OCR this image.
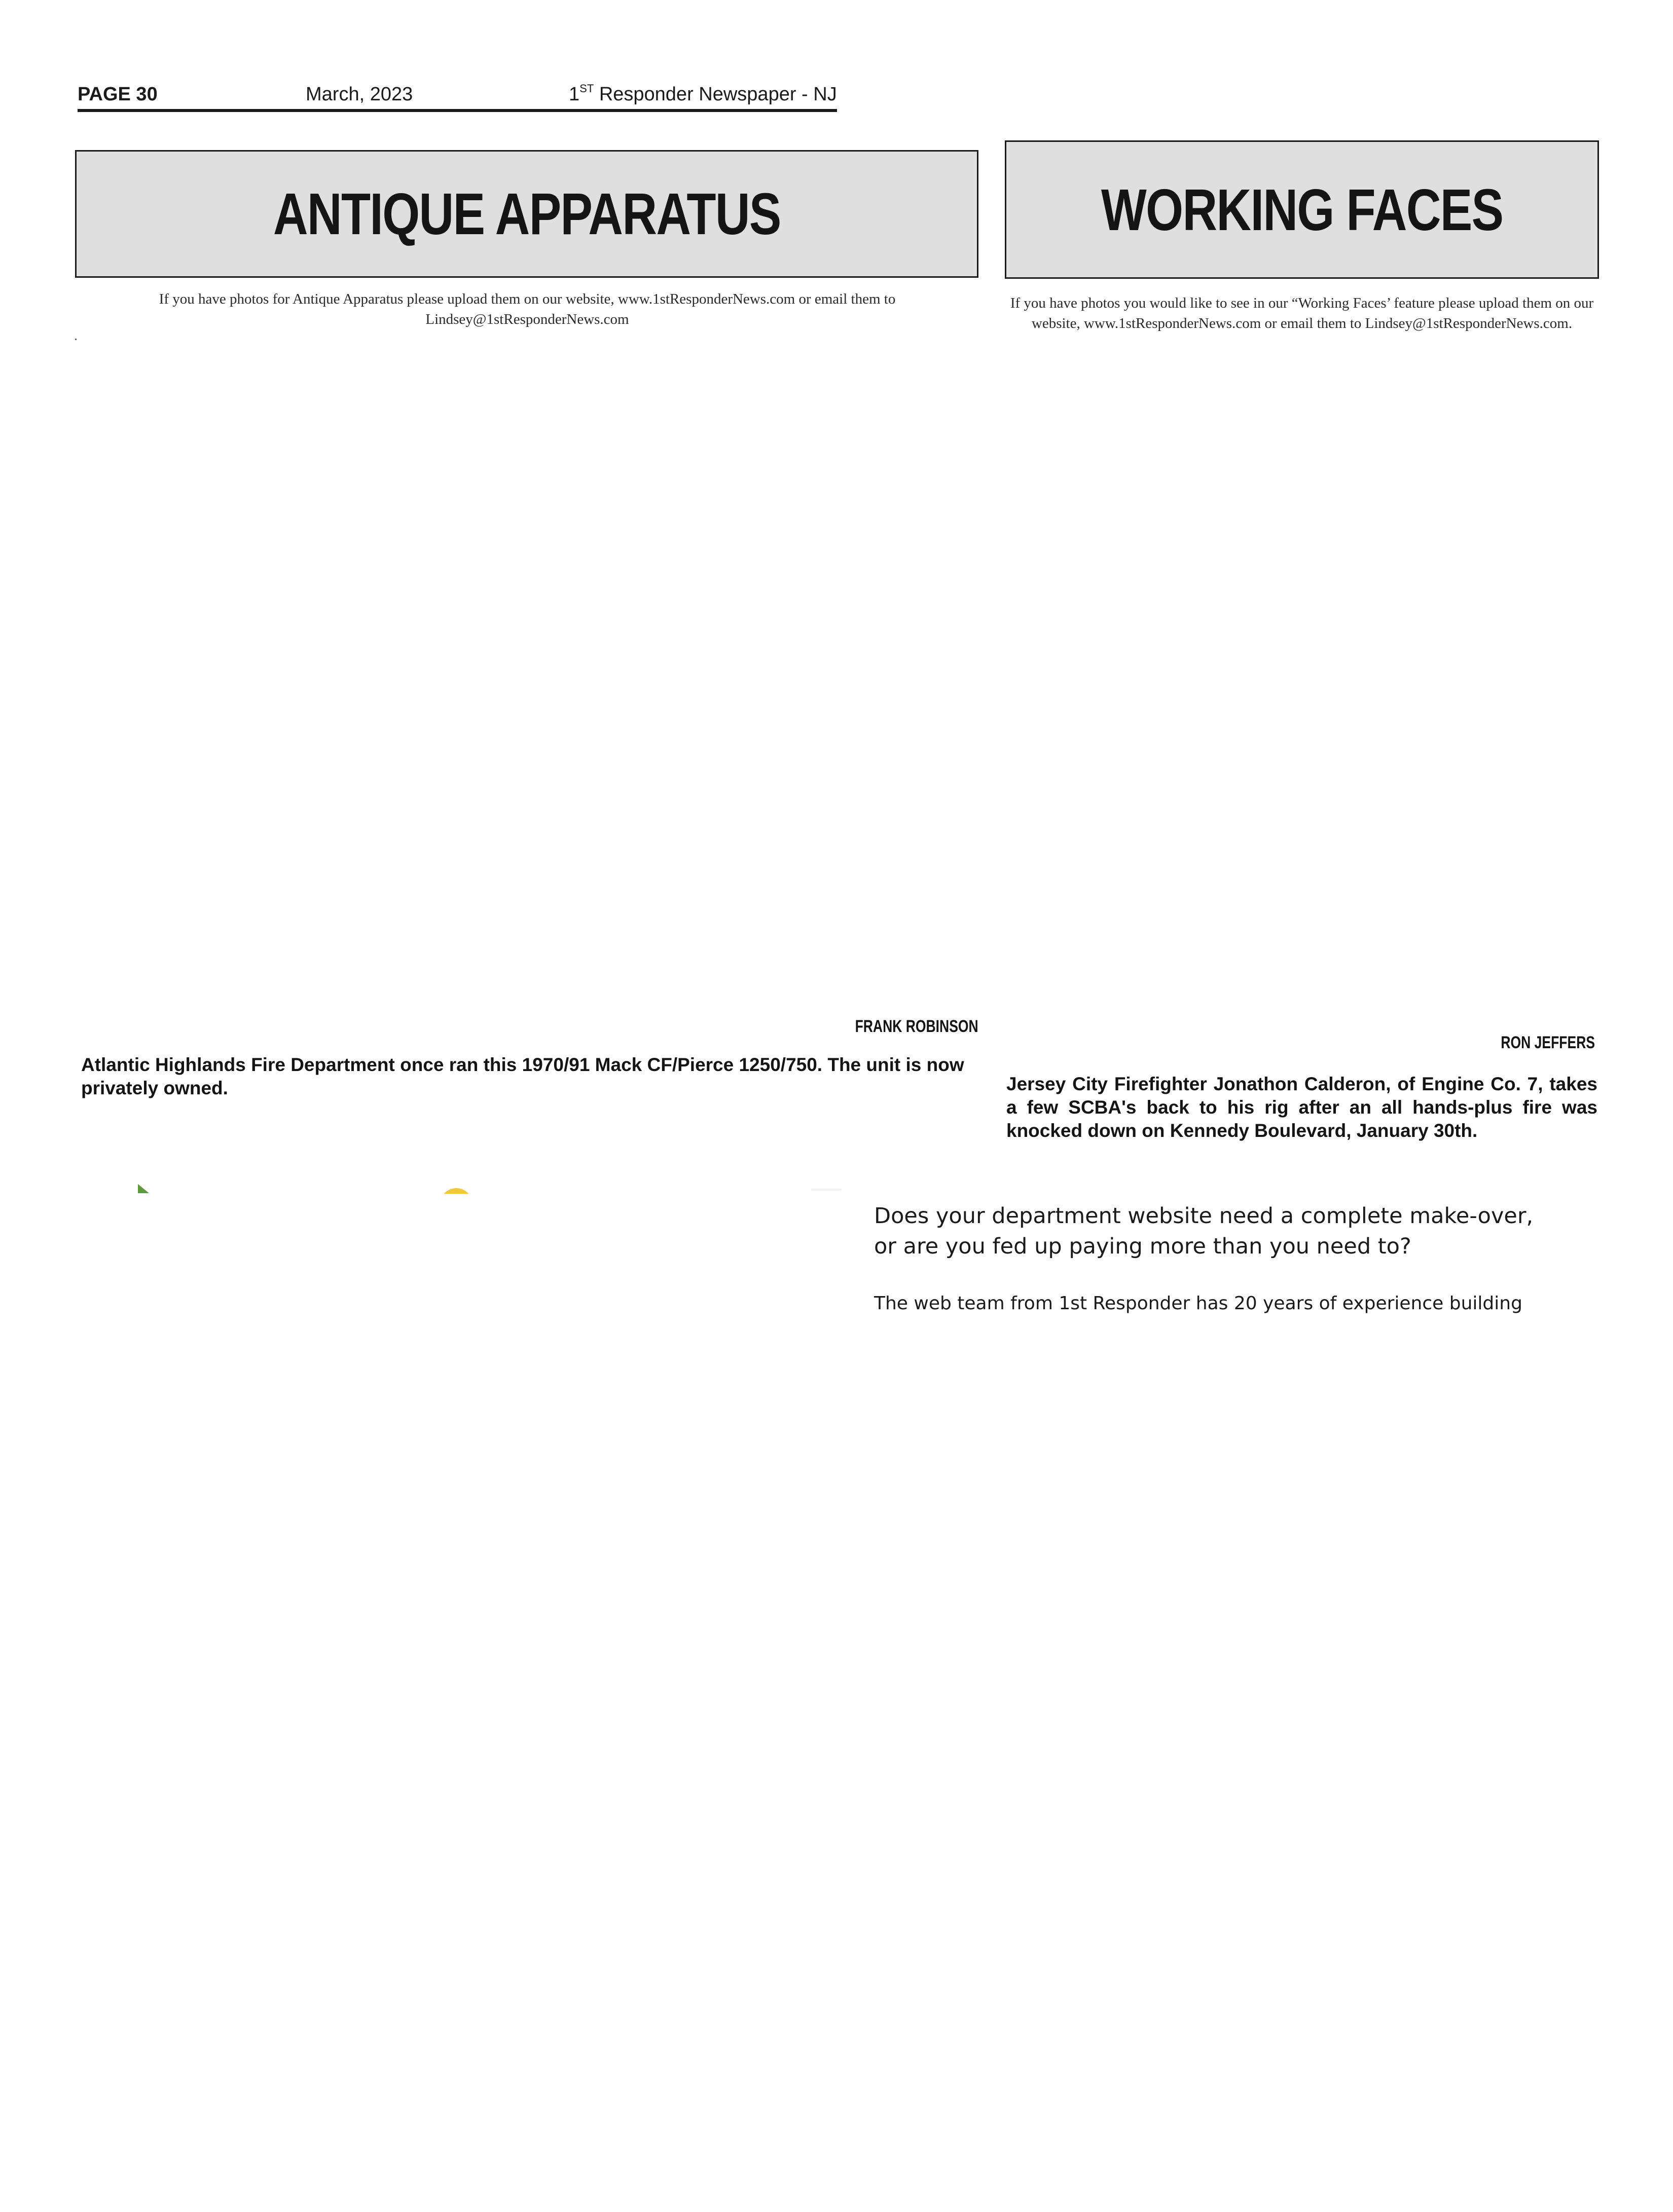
PAGE 30	March, 2023	1ST Responder Newspaper - NJ
ANTIQUE APPARATUS
If you have photos for Antique Apparatus please upload them on our website, www.1stResponderNews.com or email them to Lindsey@1stResponderNews.com
FRANK ROBINSON
Atlantic Highlands Fire Department once ran this 1970/91 Mack CF/Pierce 1250/750. The unit is now privately owned.
WORKING FACES
If you have photos you would like to see in our “Working Faces’ feature please upload them on our website, www.1stResponderNews.com or email them to Lindsey@1stResponderNews.com.
RON JEFFERS
Jersey City Firefighter Jonathon Calderon, of Engine Co. 7, takes a few SCBA's back to his rig after an all hands-plus fire was knocked down on Kennedy Boulevard, January 30th.
Does your department website need a complete make-over,
or are you fed up paying more than you need to?
The web team from 1st Responder has 20 years of experience building
